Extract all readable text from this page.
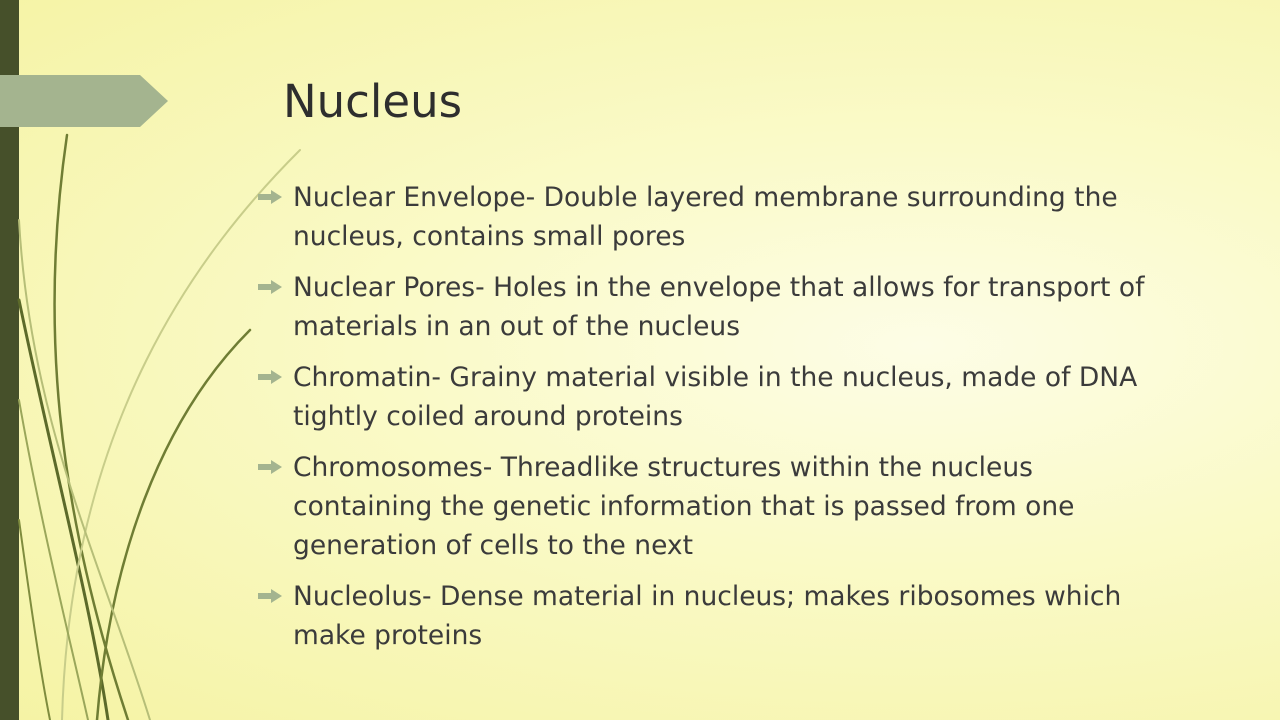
Nucleus
Nuclear Envelope- Double layered membrane surrounding the nucleus, contains small pores
Nuclear Pores- Holes in the envelope that allows for transport of materials in an out of the nucleus
Chromatin- Grainy material visible in the nucleus, made of DNA tightly coiled around proteins
Chromosomes- Threadlike structures within the nucleus containing the genetic information that is passed from one generation of cells to the next
Nucleolus- Dense material in nucleus; makes ribosomes which make proteins
